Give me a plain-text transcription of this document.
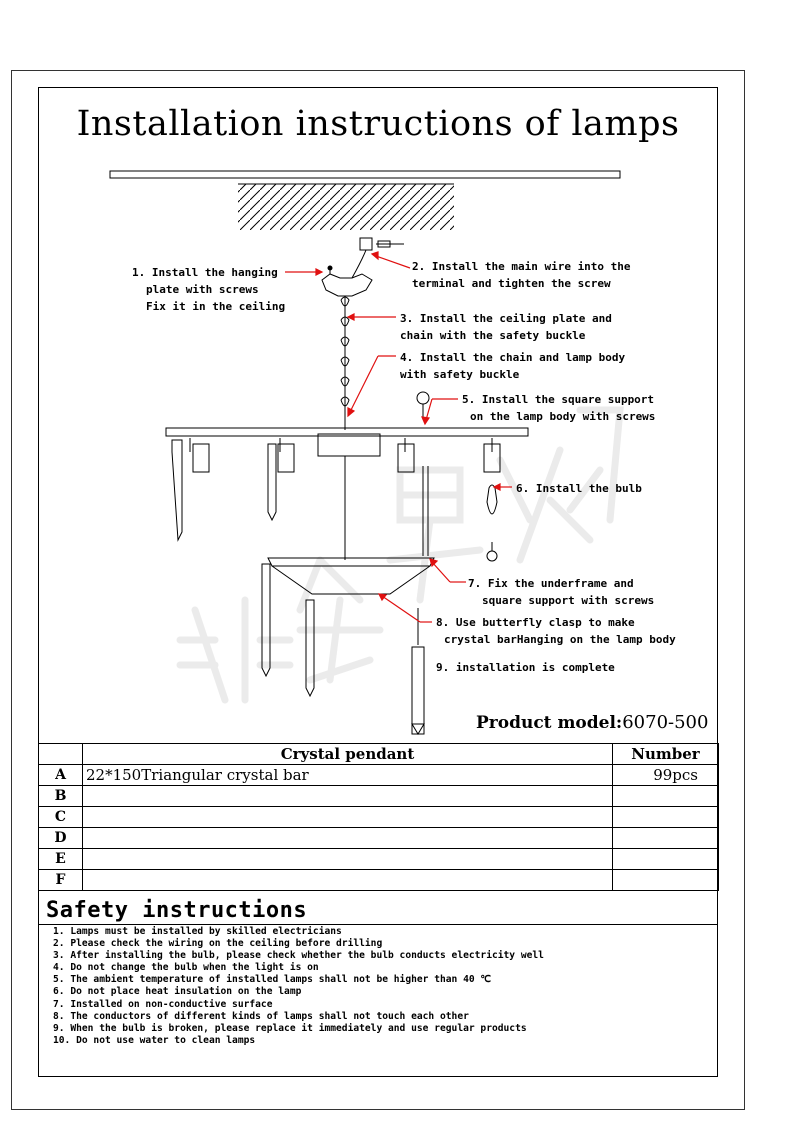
Installation instructions of lamps
1. Install the hanging
plate with screws
Fix it in the ceiling
2. Install the main wire into the
terminal and tighten the screw
3. Install the ceiling plate and
chain with the safety buckle
4. Install the chain and lamp body
with safety buckle
5. Install the square support
on the lamp body with screws
6. Install the bulb
7. Fix the underframe and
square support with screws
8. Use butterfly clasp to make
crystal barHanging on the lamp body
9. installation is complete
Product model:6070-500
	Crystal pendant	Number
A	22*150Triangular crystal bar	99pcs
B		
C		
D		
E		
F		
Safety instructions
1. Lamps must be installed by skilled electricians
2. Please check the wiring on the ceiling before drilling
3. After installing the bulb, please check whether the bulb conducts electricity well
4. Do not change the bulb when the light is on
5. The ambient temperature of installed lamps shall not be higher than 40 ℃
6. Do not place heat insulation on the lamp
7. Installed on non-conductive surface
8. The conductors of different kinds of lamps shall not touch each other
9. When the bulb is broken, please replace it immediately and use regular products
10. Do not use water to clean lamps
